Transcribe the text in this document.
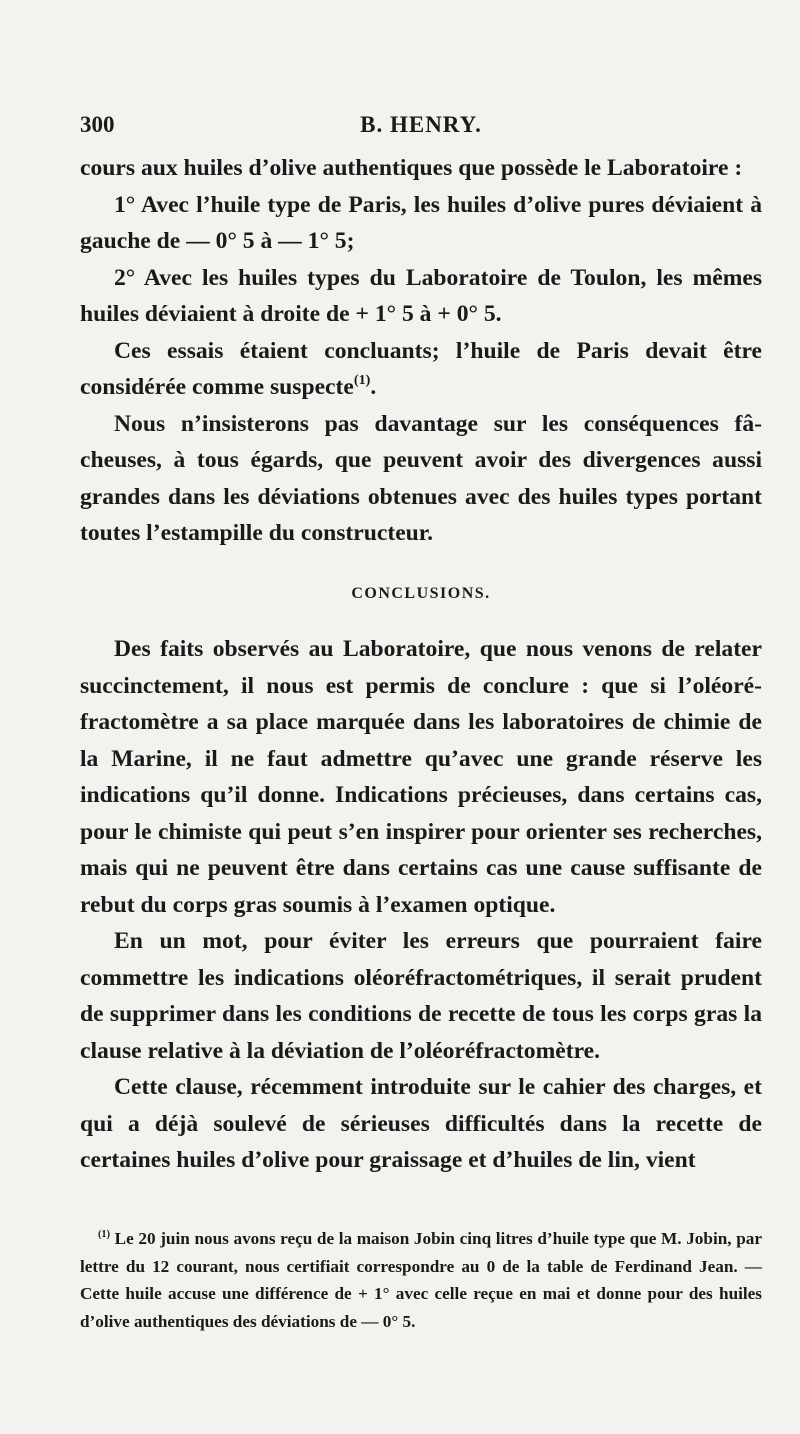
300	B. HENRY.

cours aux huiles d’olive authentiques que possède le Laboratoire :

1° Avec l’huile type de Paris, les huiles d’olive pures déviaient à gauche de — 0° 5 à — 1° 5;

2° Avec les huiles types du Laboratoire de Toulon, les mêmes huiles déviaient à droite de + 1° 5 à + 0° 5.

Ces essais étaient concluants; l’huile de Paris devait être considérée comme suspecte$^{(1)}$.

Nous n’insisterons pas davantage sur les conséquences fâcheuses, à tous égards, que peuvent avoir des divergences aussi grandes dans les déviations obtenues avec des huiles types portant toutes l’estampille du constructeur.

CONCLUSIONS.

Des faits observés au Laboratoire, que nous venons de relater succinctement, il nous est permis de conclure : que si l’oléoréfractomètre a sa place marquée dans les laboratoires de chimie de la Marine, il ne faut admettre qu’avec une grande réserve les indications qu’il donne. Indications précieuses, dans certains cas, pour le chimiste qui peut s’en inspirer pour orienter ses recherches, mais qui ne peuvent être dans certains cas une cause suffisante de rebut du corps gras soumis à l’examen optique.

En un mot, pour éviter les erreurs que pourraient faire commettre les indications oléoréfractométriques, il serait prudent de supprimer dans les conditions de recette de tous les corps gras la clause relative à la déviation de l’oléoréfractomètre.

Cette clause, récemment introduite sur le cahier des charges, et qui a déjà soulevé de sérieuses difficultés dans la recette de certaines huiles d’olive pour graissage et d’huiles de lin, vient

$^{(1)}$ Le 20 juin nous avons reçu de la maison Jobin cinq litres d’huile type que M. Jobin, par lettre du 12 courant, nous certifiait correspondre au 0 de la table de Ferdinand Jean. — Cette huile accuse une différence de + 1° avec celle reçue en mai et donne pour des huiles d’olive authentiques des déviations de — 0° 5.
